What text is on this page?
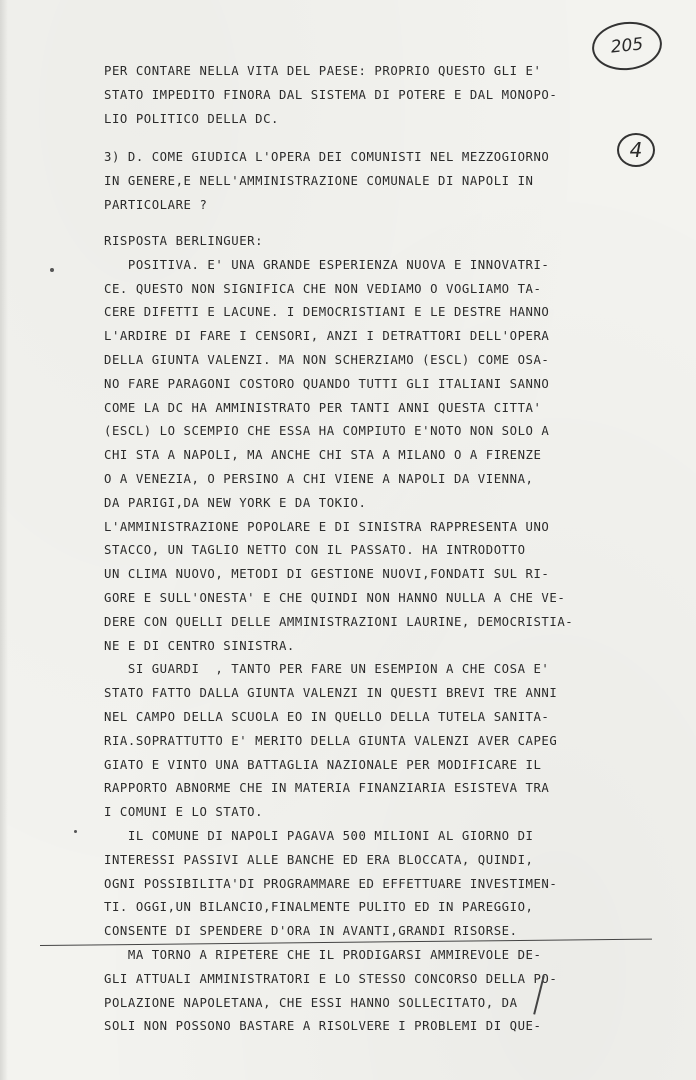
205
4
PER CONTARE NELLA VITA DEL PAESE: PROPRIO QUESTO GLI E'
STATO IMPEDITO FINORA DAL SISTEMA DI POTERE E DAL MONOPO-
LIO POLITICO DELLA DC.
3) D. COME GIUDICA L'OPERA DEI COMUNISTI NEL MEZZOGIORNO
IN GENERE,E NELL'AMMINISTRAZIONE COMUNALE DI NAPOLI IN
PARTICOLARE ?
RISPOSTA BERLINGUER:
POSITIVA. E' UNA GRANDE ESPERIENZA NUOVA E INNOVATRI-
CE. QUESTO NON SIGNIFICA CHE NON VEDIAMO O VOGLIAMO TA-
CERE DIFETTI E LACUNE. I DEMOCRISTIANI E LE DESTRE HANNO
L'ARDIRE DI FARE I CENSORI, ANZI I DETRATTORI DELL'OPERA
DELLA GIUNTA VALENZI. MA NON SCHERZIAMO (ESCL) COME OSA-
NO FARE PARAGONI COSTORO QUANDO TUTTI GLI ITALIANI SANNO
COME LA DC HA AMMINISTRATO PER TANTI ANNI QUESTA CITTA'
(ESCL) LO SCEMPIO CHE ESSA HA COMPIUTO E'NOTO NON SOLO A
CHI STA A NAPOLI, MA ANCHE CHI STA A MILANO O A FIRENZE
O A VENEZIA, O PERSINO A CHI VIENE A NAPOLI DA VIENNA,
DA PARIGI,DA NEW YORK E DA TOKIO.
L'AMMINISTRAZIONE POPOLARE E DI SINISTRA RAPPRESENTA UNO
STACCO, UN TAGLIO NETTO CON IL PASSATO. HA INTRODOTTO
UN CLIMA NUOVO, METODI DI GESTIONE NUOVI,FONDATI SUL RI-
GORE E SULL'ONESTA' E CHE QUINDI NON HANNO NULLA A CHE VE-
DERE CON QUELLI DELLE AMMINISTRAZIONI LAURINE, DEMOCRISTIA-
NE E DI CENTRO SINISTRA.
SI GUARDI  , TANTO PER FARE UN ESEMPION A CHE COSA E'
STATO FATTO DALLA GIUNTA VALENZI IN QUESTI BREVI TRE ANNI
NEL CAMPO DELLA SCUOLA EO IN QUELLO DELLA TUTELA SANITA-
RIA.SOPRATTUTTO E' MERITO DELLA GIUNTA VALENZI AVER CAPEG
GIATO E VINTO UNA BATTAGLIA NAZIONALE PER MODIFICARE IL
RAPPORTO ABNORME CHE IN MATERIA FINANZIARIA ESISTEVA TRA
I COMUNI E LO STATO.
IL COMUNE DI NAPOLI PAGAVA 500 MILIONI AL GIORNO DI
INTERESSI PASSIVI ALLE BANCHE ED ERA BLOCCATA, QUINDI,
OGNI POSSIBILITA'DI PROGRAMMARE ED EFFETTUARE INVESTIMEN-
TI. OGGI,UN BILANCIO,FINALMENTE PULITO ED IN PAREGGIO,
CONSENTE DI SPENDERE D'ORA IN AVANTI,GRANDI RISORSE.
MA TORNO A RIPETERE CHE IL PRODIGARSI AMMIREVOLE DE-
GLI ATTUALI AMMINISTRATORI E LO STESSO CONCORSO DELLA PO-
POLAZIONE NAPOLETANA, CHE ESSI HANNO SOLLECITATO, DA
SOLI NON POSSONO BASTARE A RISOLVERE I PROBLEMI DI QUE-
